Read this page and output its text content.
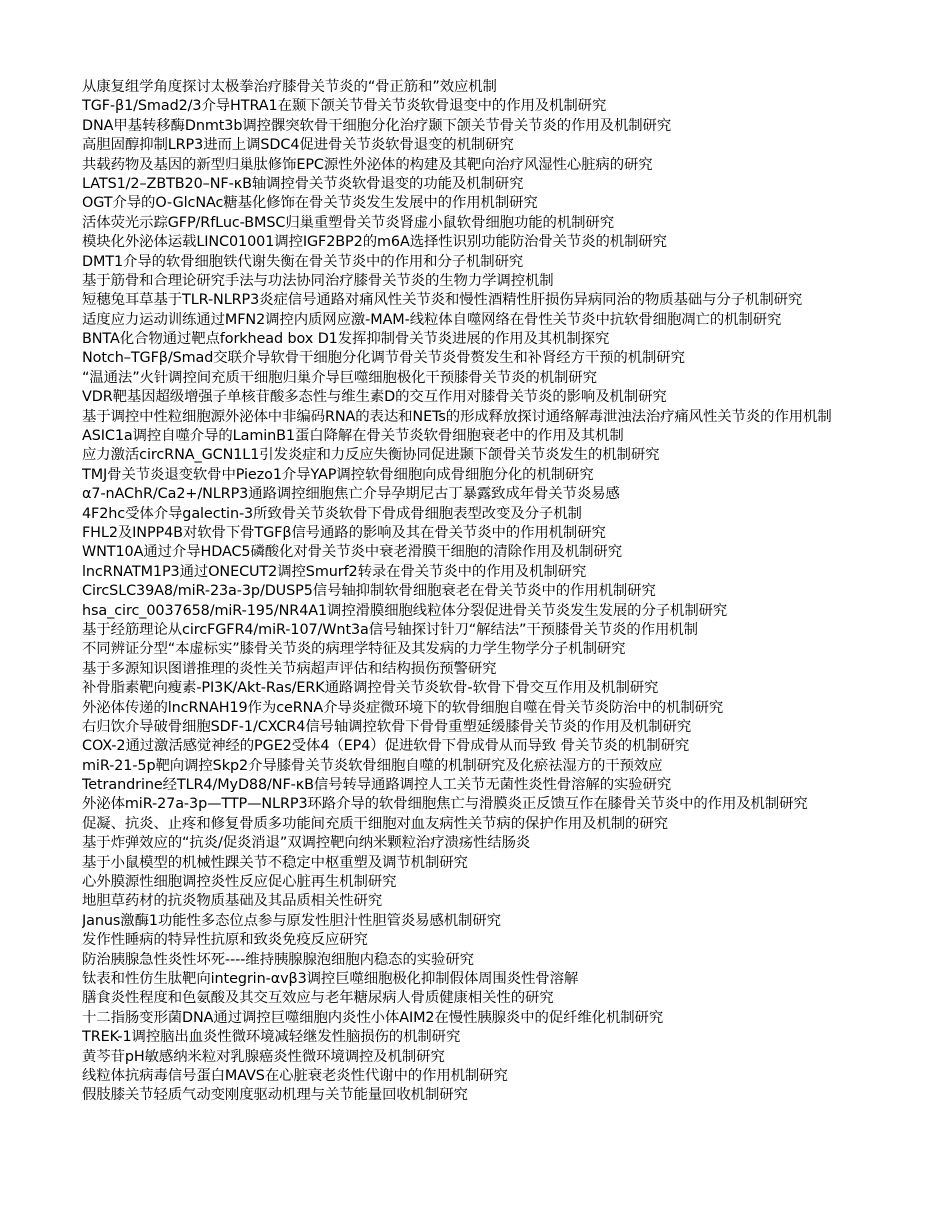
从康复组学角度探讨太极拳治疗膝骨关节炎的“骨正筋和”效应机制
TGF-β1/Smad2/3介导HTRA1在颞下颌关节骨关节炎软骨退变中的作用及机制研究
DNA甲基转移酶Dnmt3b调控髁突软骨干细胞分化治疗颞下颌关节骨关节炎的作用及机制研究
高胆固醇抑制LRP3进而上调SDC4促进骨关节炎软骨退变的机制研究
共载药物及基因的新型归巢肽修饰EPC源性外泌体的构建及其靶向治疗风湿性心脏病的研究
LATS1/2–ZBTB20–NF-κB轴调控骨关节炎软骨退变的功能及机制研究
OGT介导的O-GlcNAc糖基化修饰在骨关节炎发生发展中的作用机制研究
活体荧光示踪GFP/RfLuc-BMSC归巢重塑骨关节炎肾虚小鼠软骨细胞功能的机制研究
模块化外泌体运载LINC01001调控IGF2BP2的m6A选择性识别功能防治骨关节炎的机制研究
DMT1介导的软骨细胞铁代谢失衡在骨关节炎中的作用和分子机制研究
基于筋骨和合理论研究手法与功法协同治疗膝骨关节炎的生物力学调控机制
短穗兔耳草基于TLR-NLRP3炎症信号通路对痛风性关节炎和慢性酒精性肝损伤异病同治的物质基础与分子机制研究
适度应力运动训练通过MFN2调控内质网应激-MAM-线粒体自噬网络在骨性关节炎中抗软骨细胞凋亡的机制研究
BNTA化合物通过靶点forkhead box D1发挥抑制骨关节炎进展的作用及其机制探究
Notch–TGFβ/Smad交联介导软骨干细胞分化调节骨关节炎骨赘发生和补肾经方干预的机制研究
“温通法”火针调控间充质干细胞归巢介导巨噬细胞极化干预膝骨关节炎的机制研究
VDR靶基因超级增强子单核苷酸多态性与维生素D的交互作用对膝骨关节炎的影响及机制研究
基于调控中性粒细胞源外泌体中非编码RNA的表达和NETs的形成释放探讨通络解毒泄浊法治疗痛风性关节炎的作用机制
ASIC1a调控自噬介导的LaminB1蛋白降解在骨关节炎软骨细胞衰老中的作用及其机制
应力激活circRNA_GCN1L1引发炎症和力反应失衡协同促进颞下颌骨关节炎发生的机制研究
TMJ骨关节炎退变软骨中Piezo1介导YAP调控软骨细胞向成骨细胞分化的机制研究
α7-nAChR/Ca2+/NLRP3通路调控细胞焦亡介导孕期尼古丁暴露致成年骨关节炎易感
4F2hc受体介导galectin-3所致骨关节炎软骨下骨成骨细胞表型改变及分子机制
FHL2及INPP4B对软骨下骨TGFβ信号通路的影响及其在骨关节炎中的作用机制研究
WNT10A通过介导HDAC5磷酸化对骨关节炎中衰老滑膜干细胞的清除作用及机制研究
lncRNATM1P3通过ONECUT2调控Smurf2转录在骨关节炎中的作用及机制研究
CircSLC39A8/miR-23a-3p/DUSP5信号轴抑制软骨细胞衰老在骨关节炎中的作用机制研究
hsa_circ_0037658/miR-195/NR4A1调控滑膜细胞线粒体分裂促进骨关节炎发生发展的分子机制研究
基于经筋理论从circFGFR4/miR-107/Wnt3a信号轴探讨针刀“解结法”干预膝骨关节炎的作用机制
不同辨证分型“本虚标实”膝骨关节炎的病理学特征及其发病的力学生物学分子机制研究
基于多源知识图谱推理的炎性关节病超声评估和结构损伤预警研究
补骨脂素靶向瘦素-PI3K/Akt-Ras/ERK通路调控骨关节炎软骨-软骨下骨交互作用及机制研究
外泌体传递的lncRNAH19作为ceRNA介导炎症微环境下的软骨细胞自噬在骨关节炎防治中的机制研究
右归饮介导破骨细胞SDF-1/CXCR4信号轴调控软骨下骨骨重塑延缓膝骨关节炎的作用及机制研究
COX-2通过激活感觉神经的PGE2受体4（EP4）促进软骨下骨成骨从而导致 骨关节炎的机制研究
miR-21-5p靶向调控Skp2介导膝骨关节炎软骨细胞自噬的机制研究及化瘀祛湿方的干预效应
Tetrandrine经TLR4/MyD88/NF-κB信号转导通路调控人工关节无菌性炎性骨溶解的实验研究
外泌体miR-27a-3p—TTP—NLRP3环路介导的软骨细胞焦亡与滑膜炎正反馈互作在膝骨关节炎中的作用及机制研究
促凝、抗炎、止疼和修复骨质多功能间充质干细胞对血友病性关节病的保护作用及机制的研究
基于炸弹效应的“抗炎/促炎消退”双调控靶向纳米颗粒治疗溃疡性结肠炎
基于小鼠模型的机械性踝关节不稳定中枢重塑及调节机制研究
心外膜源性细胞调控炎性反应促心脏再生机制研究
地胆草药材的抗炎物质基础及其品质相关性研究
Janus激酶1功能性多态位点参与原发性胆汁性胆管炎易感机制研究
发作性睡病的特异性抗原和致炎免疫反应研究
防治胰腺急性炎性坏死----维持胰腺腺泡细胞内稳态的实验研究
钛表和性仿生肽靶向integrin-αvβ3调控巨噬细胞极化抑制假体周围炎性骨溶解
膳食炎性程度和色氨酸及其交互效应与老年糖尿病人骨质健康相关性的研究
十二指肠变形菌DNA通过调控巨噬细胞内炎性小体AIM2在慢性胰腺炎中的促纤维化机制研究
TREK-1调控脑出血炎性微环境减轻继发性脑损伤的机制研究
黄芩苷pH敏感纳米粒对乳腺癌炎性微环境调控及机制研究
线粒体抗病毒信号蛋白MAVS在心脏衰老炎性代谢中的作用机制研究
假肢膝关节轻质气动变刚度驱动机理与关节能量回收机制研究
